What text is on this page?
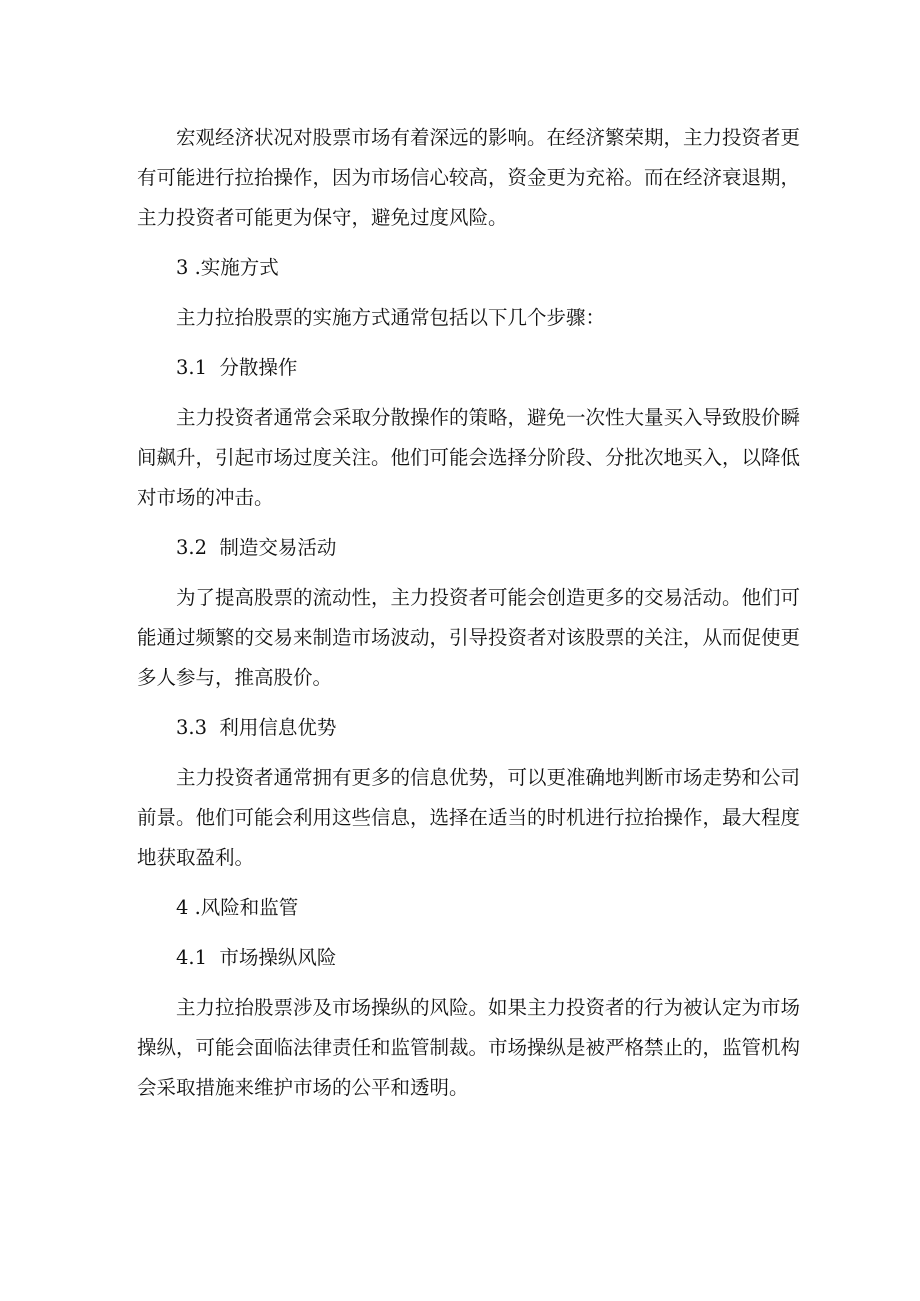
宏观经济状况对股票市场有着深远的影响。在经济繁荣期，主力投资者更有可能进行拉抬操作，因为市场信心较高，资金更为充裕。而在经济衰退期，主力投资者可能更为保守，避免过度风险。

3 .实施方式

主力拉抬股票的实施方式通常包括以下几个步骤：

3.1  分散操作

主力投资者通常会采取分散操作的策略，避免一次性大量买入导致股价瞬间飙升，引起市场过度关注。他们可能会选择分阶段、分批次地买入，以降低对市场的冲击。

3.2  制造交易活动

为了提高股票的流动性，主力投资者可能会创造更多的交易活动。他们可能通过频繁的交易来制造市场波动，引导投资者对该股票的关注，从而促使更多人参与，推高股价。

3.3  利用信息优势

主力投资者通常拥有更多的信息优势，可以更准确地判断市场走势和公司前景。他们可能会利用这些信息，选择在适当的时机进行拉抬操作，最大程度地获取盈利。

4 .风险和监管
4.1  市场操纵风险

主力拉抬股票涉及市场操纵的风险。如果主力投资者的行为被认定为市场操纵，可能会面临法律责任和监管制裁。市场操纵是被严格禁止的，监管机构会采取措施来维护市场的公平和透明。
